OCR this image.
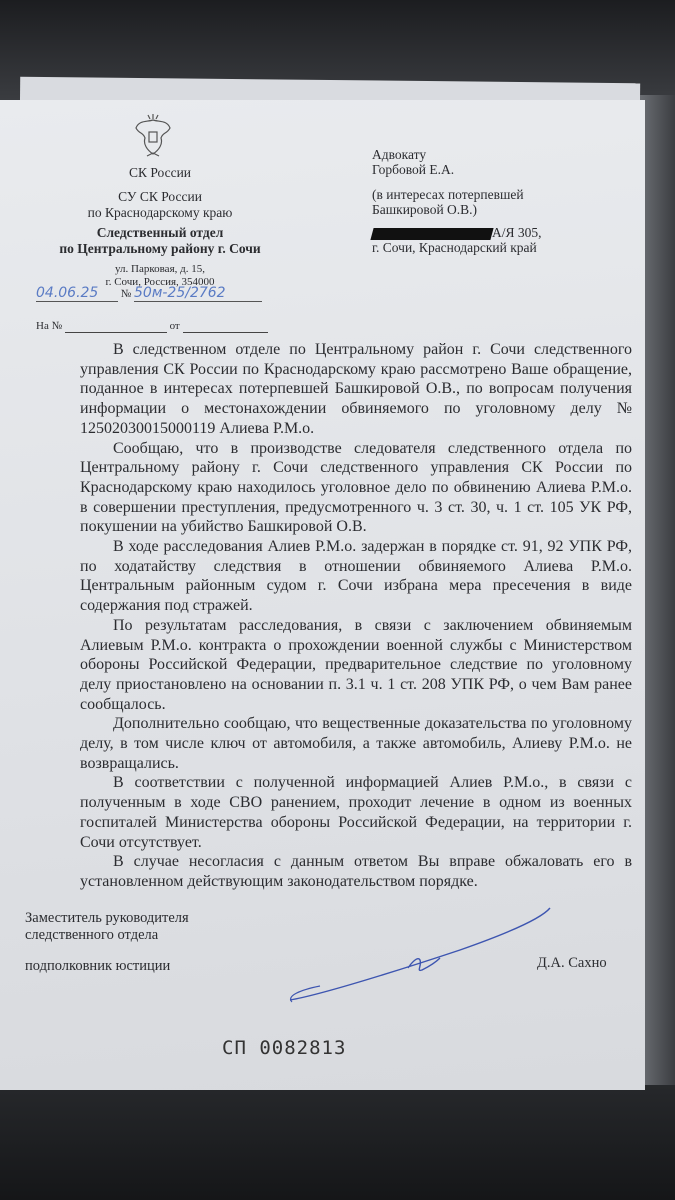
СК России
СУ СК России
по Краснодарскому краю
Следственный отдел
по Центральному району г. Сочи
ул. Парковая, д. 15,
г. Сочи, Россия, 354000
04.06.25 № 50м-25/2762
На №	от
Адвокату
Горбовой Е.А.
(в интересах потерпевшей
Башкировой О.В.)
А/Я 305,
г. Сочи, Краснодарский край

В следственном отделе по Центральному район г. Сочи следственного управления СК России по Краснодарскому краю рассмотрено Ваше обращение, поданное в интересах потерпевшей Башкировой О.В., по вопросам получения информации о местонахождении обвиняемого по уголовному делу № 12502030015000119 Алиева Р.М.о.

Сообщаю, что в производстве следователя следственного отдела по Центральному району г. Сочи следственного управления СК России по Краснодарскому краю находилось уголовное дело по обвинению Алиева Р.М.о. в совершении преступления, предусмотренного ч. 3 ст. 30, ч. 1 ст. 105 УК РФ, покушении на убийство Башкировой О.В.

В ходе расследования Алиев Р.М.о. задержан в порядке ст. 91, 92 УПК РФ, по ходатайству следствия в отношении обвиняемого Алиева Р.М.о. Центральным районным судом г. Сочи избрана мера пресечения в виде содержания под стражей.

По результатам расследования, в связи с заключением обвиняемым Алиевым Р.М.о. контракта о прохождении военной службы с Министерством обороны Российской Федерации, предварительное следствие по уголовному делу приостановлено на основании п. 3.1 ч. 1 ст. 208 УПК РФ, о чем Вам ранее сообщалось.

Дополнительно сообщаю, что вещественные доказательства по уголовному делу, в том числе ключ от автомобиля, а также автомобиль, Алиеву Р.М.о. не возвращались.

В соответствии с полученной информацией Алиев Р.М.о., в связи с полученным в ходе СВО ранением, проходит лечение в одном из военных госпиталей Министерства обороны Российской Федерации, на территории г. Сочи отсутствует.

В случае несогласия с данным ответом Вы вправе обжаловать его в установленном действующим законодательством порядке.

Заместитель руководителя
следственного отдела
подполковник юстиции	Д.А. Сахно
СП 0082813
